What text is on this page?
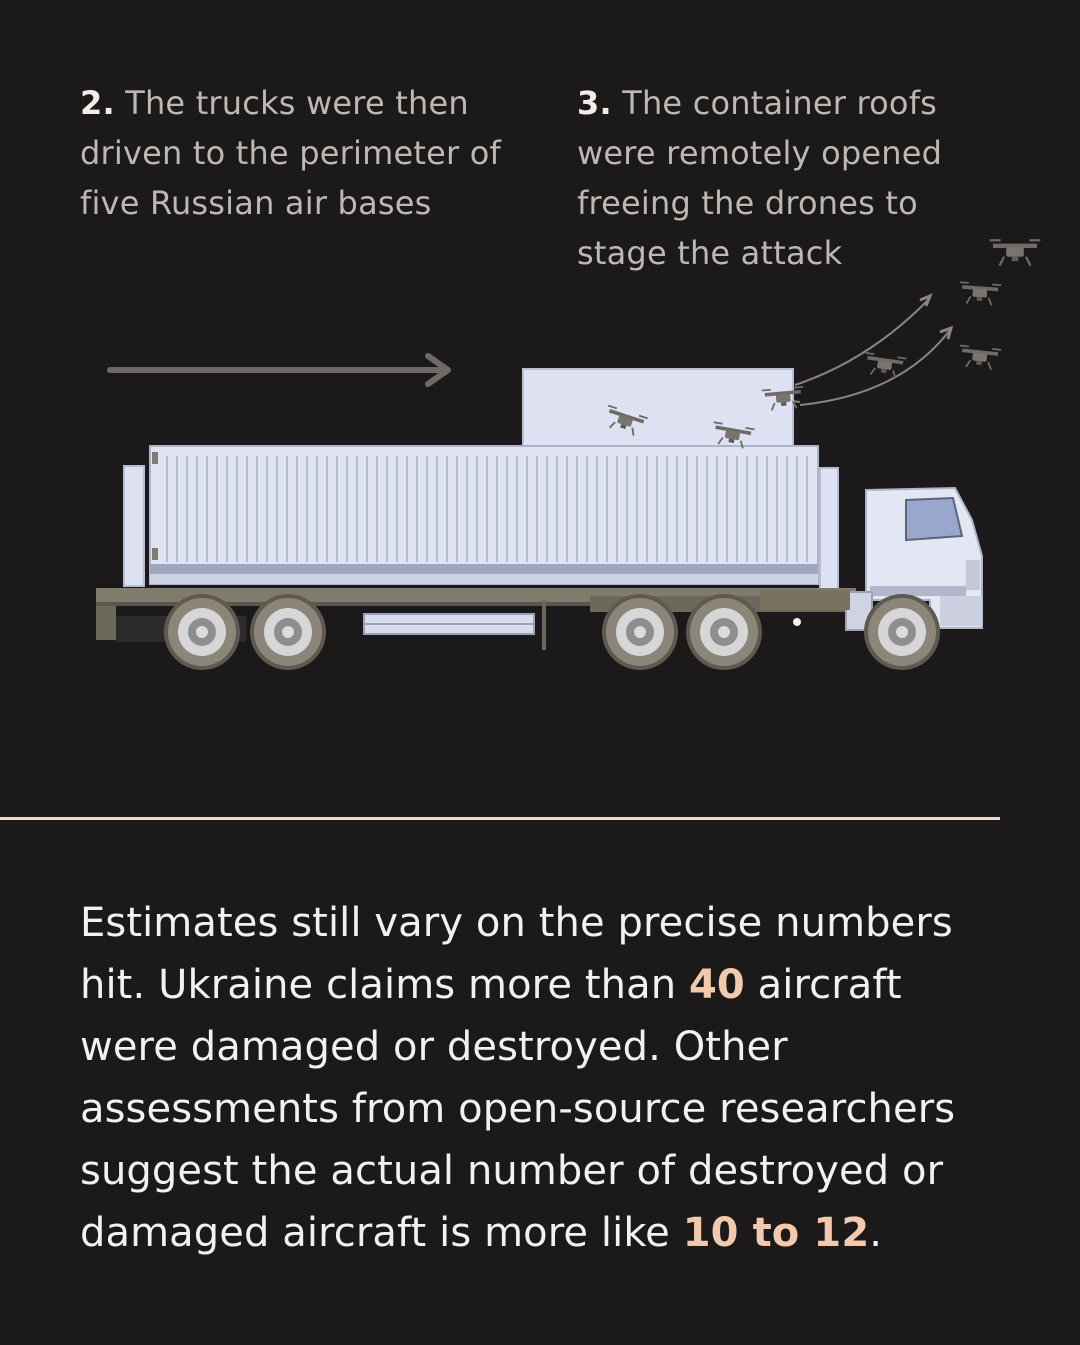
2. The trucks were then driven to the perimeter of five Russian air bases
3. The container roofs were remotely opened freeing the drones to stage the attack
Estimates still vary on the precise numbers hit. Ukraine claims more than 40 aircraft were damaged or destroyed. Other assessments from open-source researchers suggest the actual number of destroyed or damaged aircraft is more like 10 to 12.
